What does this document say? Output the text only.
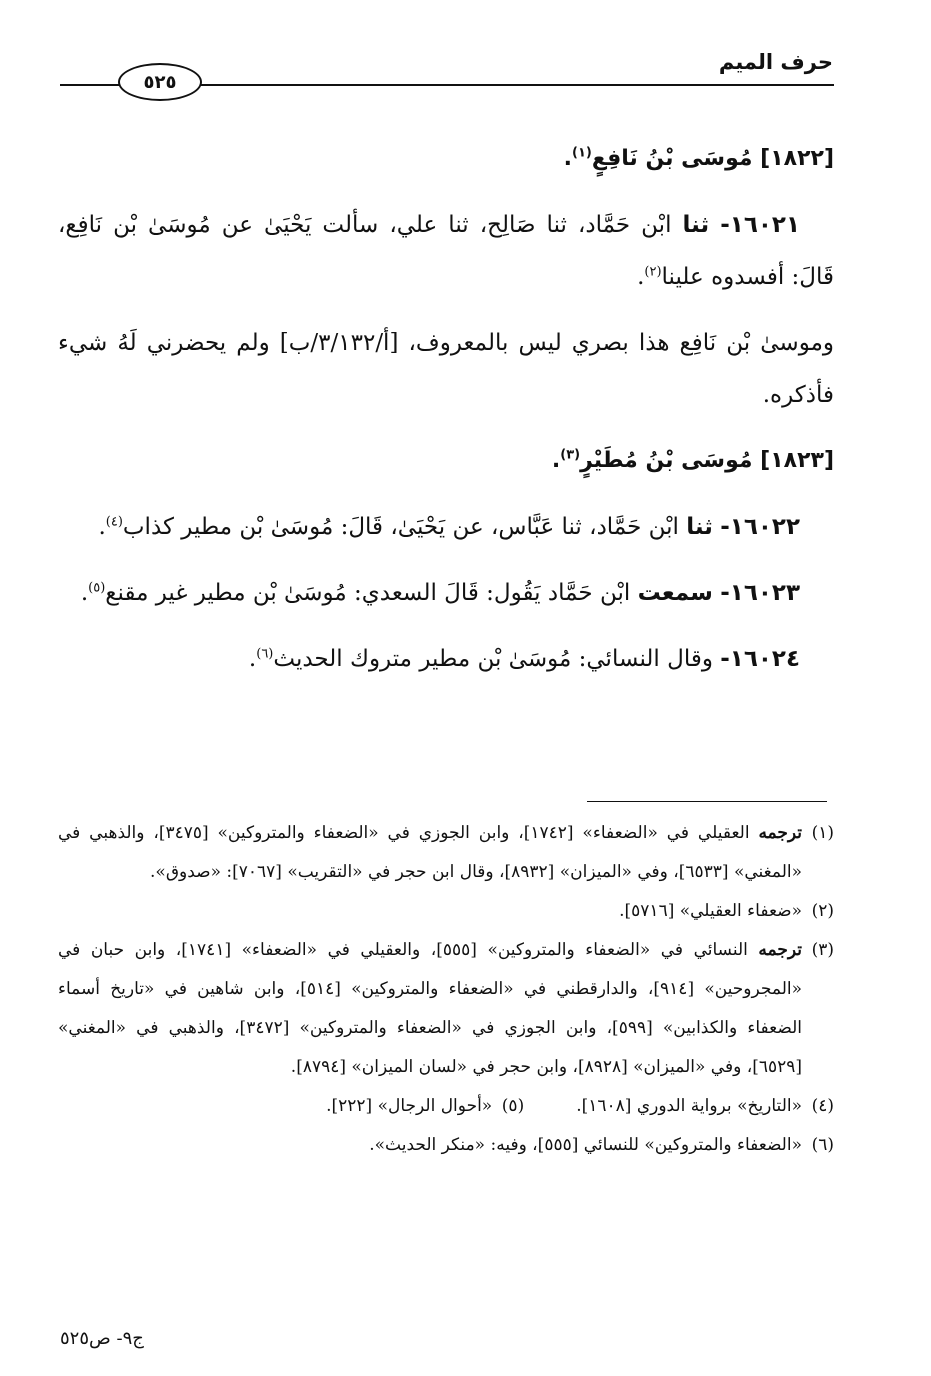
حرف الميم
٥٢٥

[١٨٢٢] مُوسَى بْنُ نَافِعٍ$^{(١)}$.

١٦٠٢١- ثنا ابْن حَمَّاد، ثنا صَالِح، ثنا علي، سألت يَحْيَىٰ عن مُوسَىٰ بْن نَافِع، قَالَ: أفسدوه علينا$^{(٢)}$.

وموسىٰ بْن نَافِع هذا بصري ليس بالمعروف، [أ/٣/١٣٢/ب] ولم يحضرني لَهُ شيء فأذكره.

[١٨٢٣] مُوسَى بْنُ مُطَيْرٍ$^{(٣)}$.

١٦٠٢٢- ثنا ابْن حَمَّاد، ثنا عَبَّاس، عن يَحْيَىٰ، قَالَ: مُوسَىٰ بْن مطير كذاب$^{(٤)}$.

١٦٠٢٣- سمعت ابْن حَمَّاد يَقُول: قَالَ السعدي: مُوسَىٰ بْن مطير غير مقنع$^{(٥)}$.

١٦٠٢٤- وقال النسائي: مُوسَىٰ بْن مطير متروك الحديث$^{(٦)}$.

(١)
ترجمه العقيلي في «الضعفاء» [١٧٤٢]، وابن الجوزي في «الضعفاء والمتروكين» [٣٤٧٥]، والذهبي في «المغني» [٦٥٣٣]، وفي «الميزان» [٨٩٣٢]، وقال ابن حجر في «التقريب» [٧٠٦٧]: «صدوق».
(٢)
«ضعفاء العقيلي» [٥٧١٦].
(٣)
ترجمه النسائي في «الضعفاء والمتروكين» [٥٥٥]، والعقيلي في «الضعفاء» [١٧٤١]، وابن حبان في «المجروحين» [٩١٤]، والدارقطني في «الضعفاء والمتروكين» [٥١٤]، وابن شاهين في «تاريخ أسماء الضعفاء والكذابين» [٥٩٩]، وابن الجوزي في «الضعفاء والمتروكين» [٣٤٧٢]، والذهبي في «المغني» [٦٥٢٩]، وفي «الميزان» [٨٩٢٨]، وابن حجر في «لسان الميزان» [٨٧٩٤].
(٤)
«التاريخ» برواية الدوري [١٦٠٨].
(٥)
«أحوال الرجال» [٢٢٢].
(٦)
«الضعفاء والمتروكين» للنسائي [٥٥٥]، وفيه: «منكر الحديث».
ج٩- ص٥٢٥
